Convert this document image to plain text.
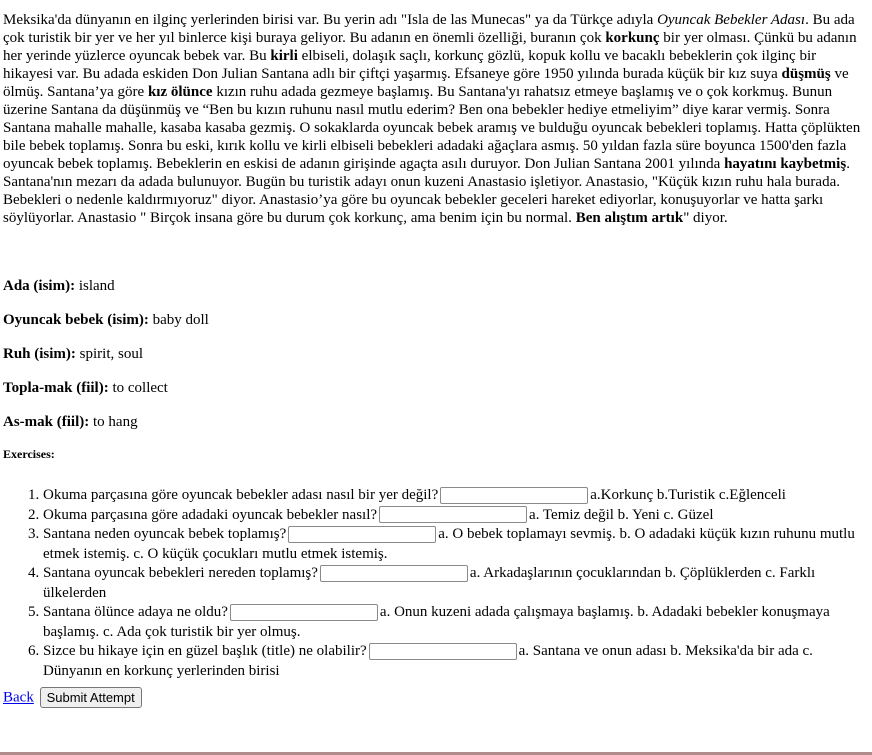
Meksika'da dünyanın en ilginç yerlerinden birisi var. Bu yerin adı "Isla de las Munecas" ya da Türkçe adıyla Oyuncak Bebekler Adası. Bu ada çok turistik bir yer ve her yıl binlerce kişi buraya geliyor. Bu adanın en önemli özelliği, buranın çok korkunç bir yer olması. Çünkü bu adanın her yerinde yüzlerce oyuncak bebek var. Bu kirli elbiseli, dolaşık saçlı, korkunç gözlü, kopuk kollu ve bacaklı bebeklerin çok ilginç bir hikayesi var. Bu adada eskiden Don Julian Santana adlı bir çiftçi yaşarmış. Efsaneye göre 1950 yılında burada küçük bir kız suya düşmüş ve ölmüş. Santana’ya göre kız ölünce kızın ruhu adada gezmeye başlamış. Bu Santana'yı rahatsız etmeye başlamış ve o çok korkmuş. Bunun üzerine Santana da düşünmüş ve “Ben bu kızın ruhunu nasıl mutlu ederim? Ben ona bebekler hediye etmeliyim” diye karar vermiş. Sonra Santana mahalle mahalle, kasaba kasaba gezmiş. O sokaklarda oyuncak bebek aramış ve bulduğu oyuncak bebekleri toplamış. Hatta çöplükten bile bebek toplamış. Sonra bu eski, kırık kollu ve kirli elbiseli bebekleri adadaki ağaçlara asmış. 50 yıldan fazla süre boyunca 1500'den fazla oyuncak bebek toplamış. Bebeklerin en eskisi de adanın girişinde agaçta asılı duruyor. Don Julian Santana 2001 yılında hayatını kaybetmiş. Santana'nın mezarı da adada bulunuyor. Bugün bu turistik adayı onun kuzeni Anastasio işletiyor. Anastasio, "Küçük kızın ruhu hala burada. Bebekleri o nedenle kaldırmıyoruz" diyor. Anastasio’ya göre bu oyuncak bebekler geceleri hareket ediyorlar, konuşuyorlar ve hatta şarkı söylüyorlar. Anastasio " Birçok insana göre bu durum çok korkunç, ama benim için bu normal. Ben alıştım artık" diyor.

Ada (isim): island

Oyuncak bebek (isim): baby doll

Ruh (isim): spirit, soul

Topla-mak (fiil): to collect

As-mak (fiil): to hang

Exercises:

1. Okuma parçasına göre oyuncak bebekler adası nasıl bir yer değil?	a.Korkunç b.Turistik c.Eğlenceli
2. Okuma parçasına göre adadaki oyuncak bebekler nasıl?	a. Temiz değil b. Yeni c. Güzel
3. Santana neden oyuncak bebek toplamış?	a. O bebek toplamayı sevmiş. b. O adadaki küçük kızın ruhunu mutlu etmek istemiş. c. O küçük çocukları mutlu etmek istemiş.
4. Santana oyuncak bebekleri nereden toplamış?	a. Arkadaşlarının çocuklarından b. Çöplüklerden c. Farklı ülkelerden
5. Santana ölünce adaya ne oldu?	a. Onun kuzeni adada çalışmaya başlamış. b. Adadaki bebekler konuşmaya başlamış. c. Ada çok turistik bir yer olmuş.
6. Sizce bu hikaye için en güzel başlık (title) ne olabilir?	a. Santana ve onun adası b. Meksika'da bir ada c. Dünyanın en korkunç yerlerinden birisi
Back Submit Attempt
